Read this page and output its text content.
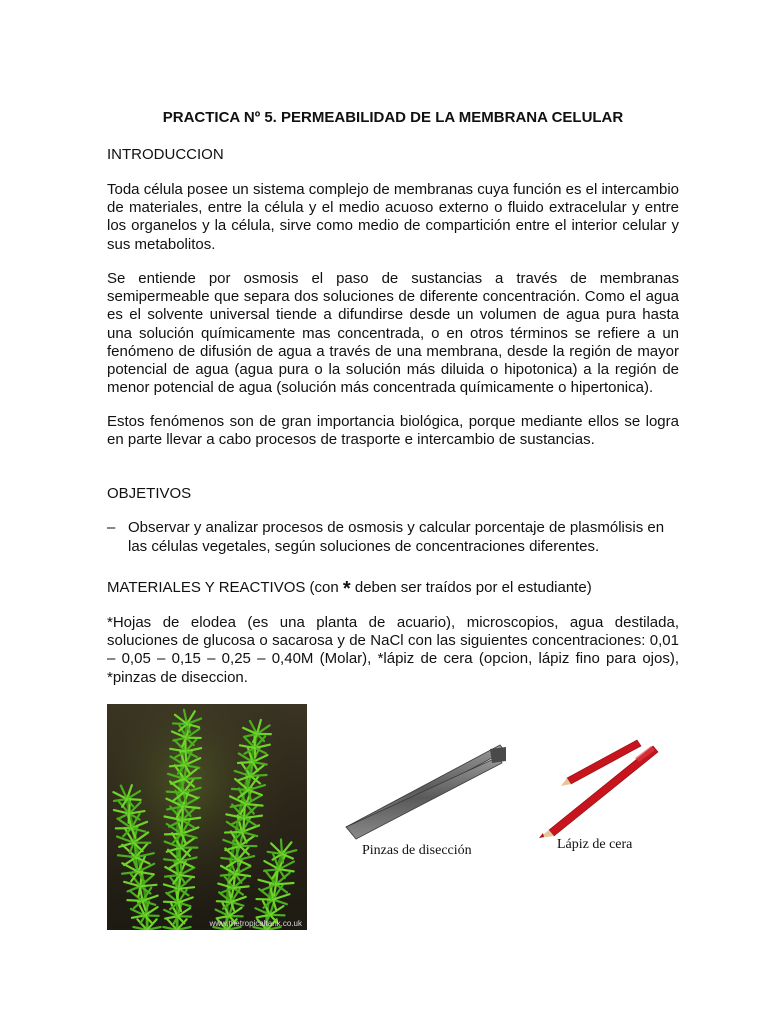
PRACTICA Nº 5. PERMEABILIDAD DE LA MEMBRANA CELULAR
INTRODUCCION

Toda célula posee un sistema complejo de membranas cuya función es el intercambio de materiales, entre la célula y el medio acuoso externo o fluido extracelular y entre los organelos y la célula, sirve como medio de compartición entre el interior celular y sus metabolitos.

Se entiende por osmosis el paso de sustancias a través de membranas semipermeable que separa dos soluciones de diferente concentración. Como el agua es el solvente universal tiende a difundirse desde un volumen de agua pura hasta una solución químicamente mas concentrada, o en otros términos se refiere a un fenómeno de difusión de agua a través de una membrana, desde la región de mayor potencial de agua (agua pura o la solución más diluida o hipotonica) a la región de menor potencial de agua (solución más concentrada químicamente o hipertonica).

Estos fenómenos son de gran importancia biológica, porque mediante ellos se logra en parte llevar a cabo procesos de trasporte e intercambio de sustancias.

OBJETIVOS
– Observar y analizar procesos de osmosis y calcular porcentaje de plasmólisis en las células vegetales, según soluciones de concentraciones diferentes.
MATERIALES Y REACTIVOS (con * deben ser traídos por el estudiante)

*Hojas de elodea (es una planta de acuario), microscopios, agua destilada, soluciones de glucosa o sacarosa y de NaCl con las siguientes concentraciones: 0,01 – 0,05 – 0,15 – 0,25 – 0,40M (Molar), *lápiz de cera (opcion, lápiz fino para ojos), *pinzas de diseccion.

www.thetropicaltank.co.uk
Pinzas de disección	Lápiz de cera
